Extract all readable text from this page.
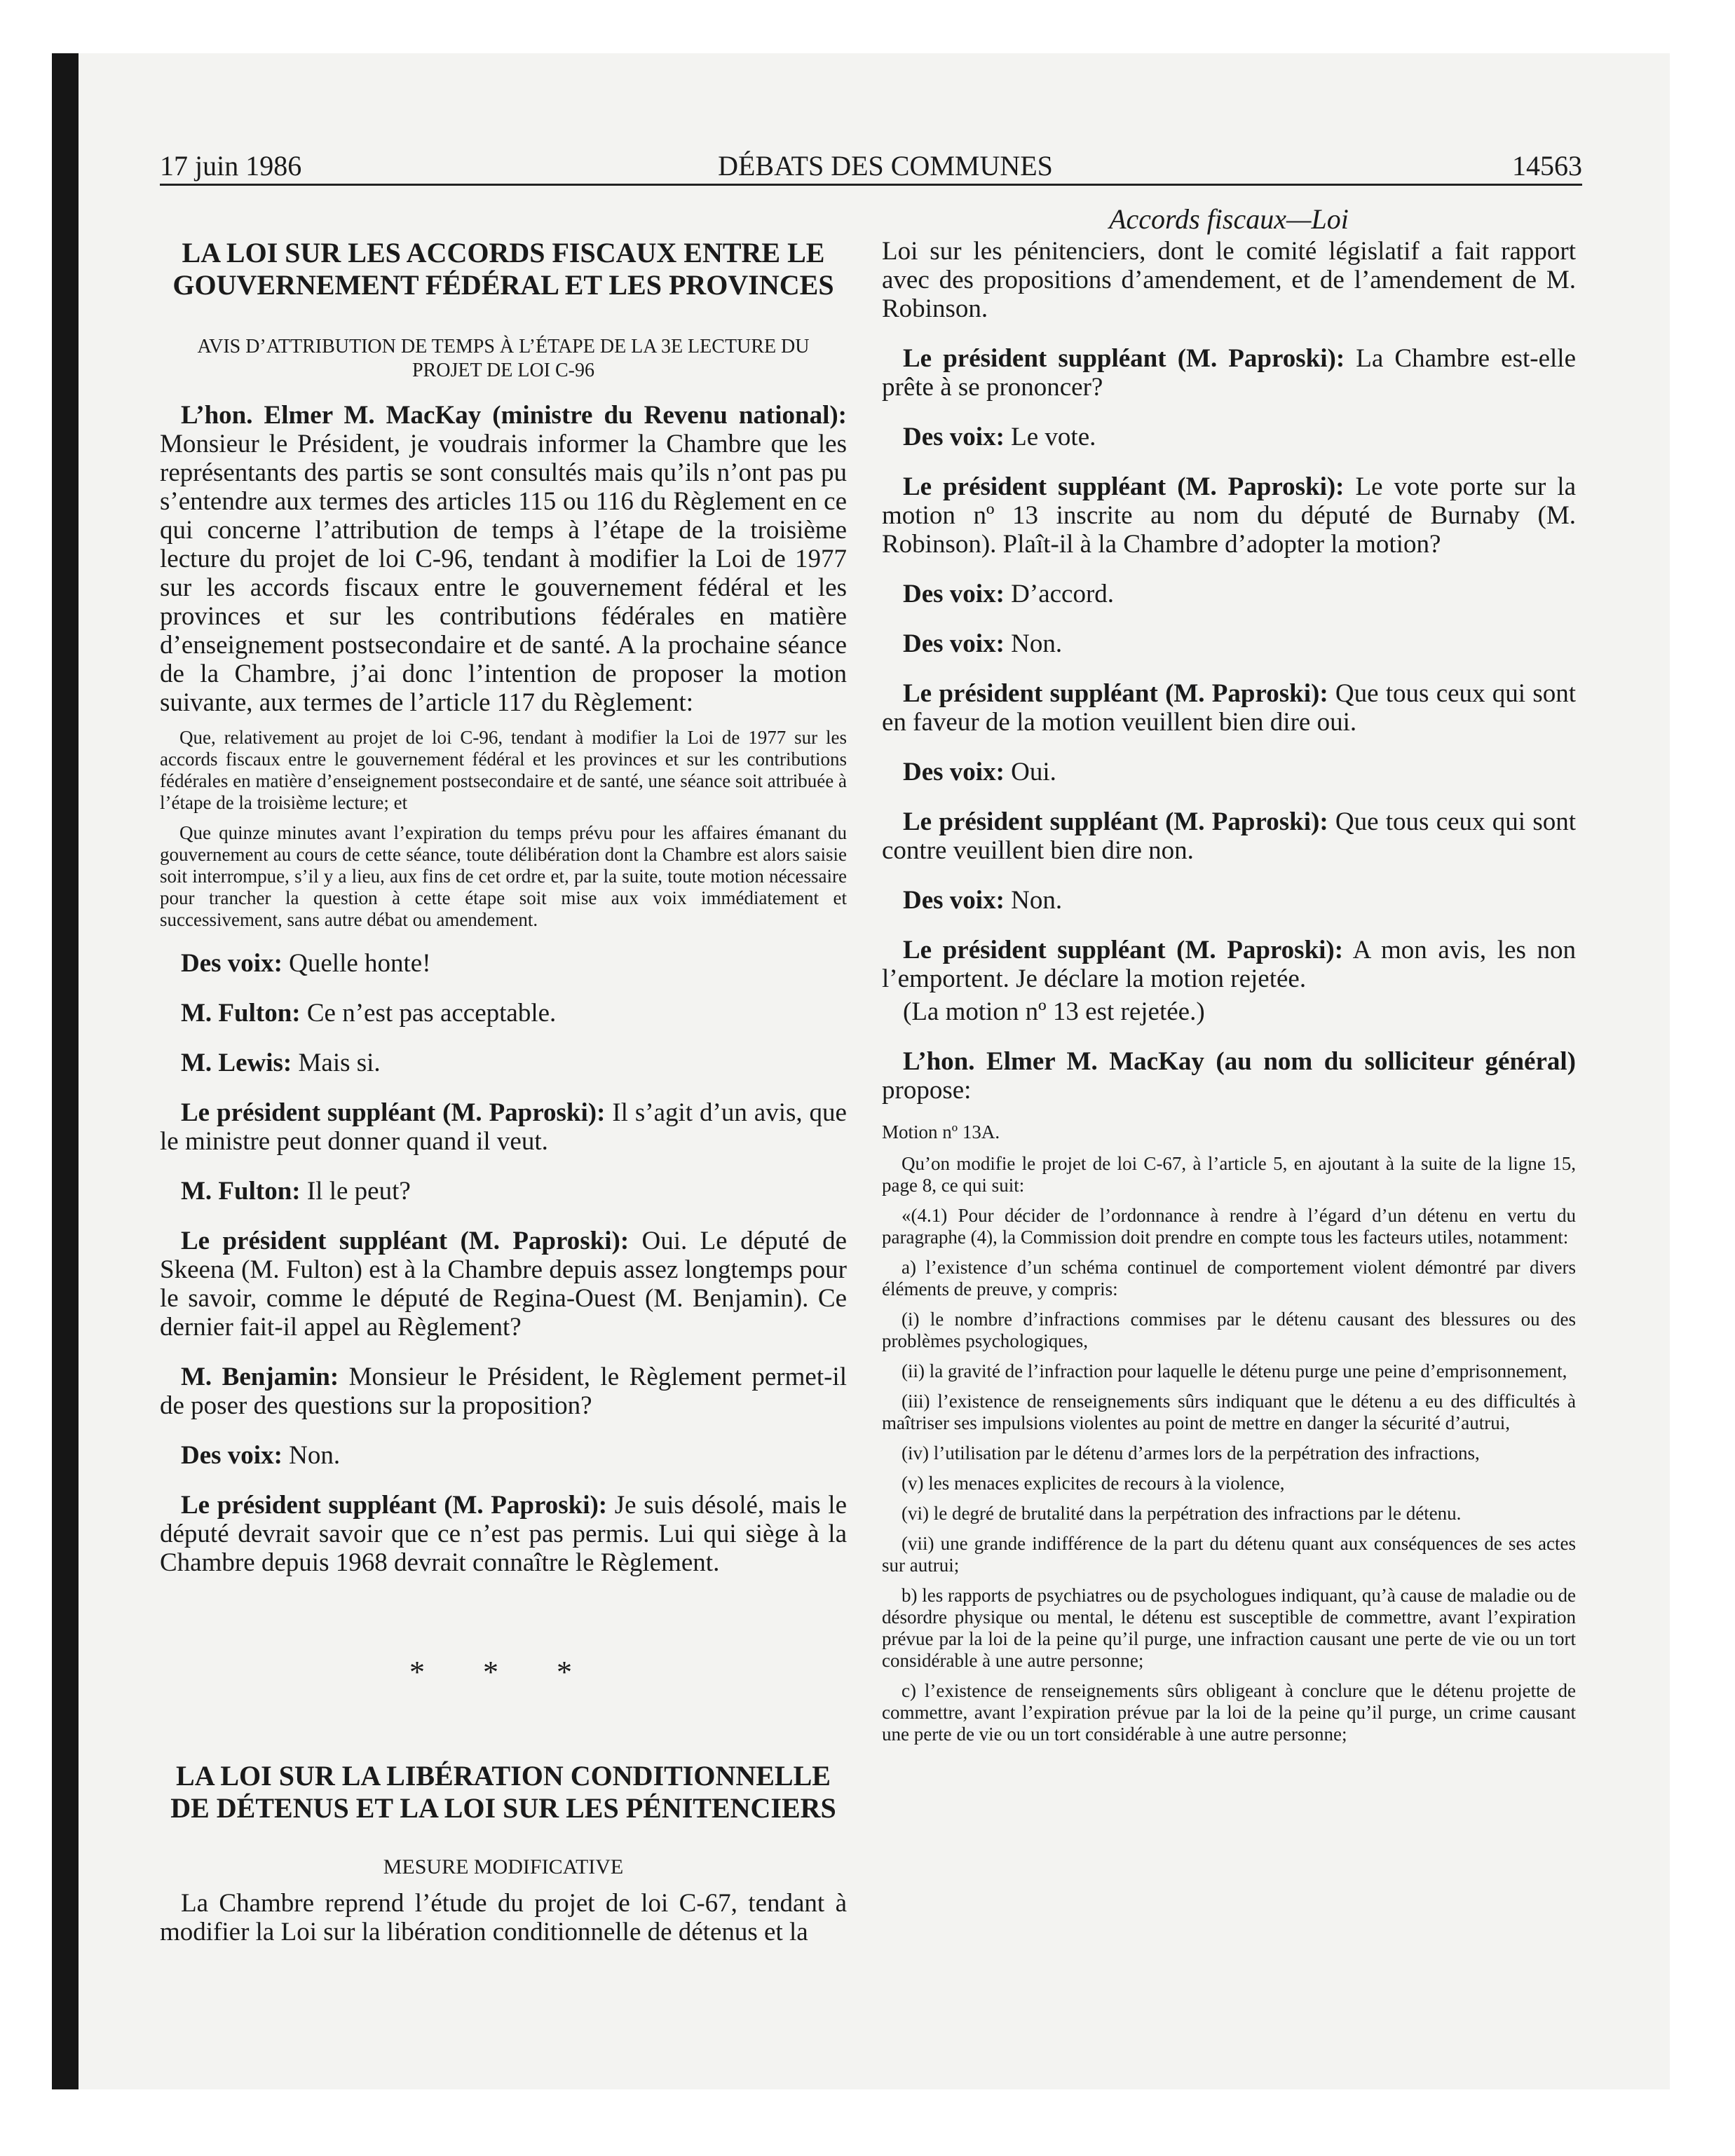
17 juin 1986	DÉBATS DES COMMUNES	14563
LA LOI SUR LES ACCORDS FISCAUX ENTRE LE GOUVERNEMENT FÉDÉRAL ET LES PROVINCES
AVIS D’ATTRIBUTION DE TEMPS À L’ÉTAPE DE LA 3E LECTURE DU PROJET DE LOI C-96
L’hon. Elmer M. MacKay (ministre du Revenu national): Monsieur le Président, je voudrais informer la Chambre que les représentants des partis se sont consultés mais qu’ils n’ont pas pu s’entendre aux termes des articles 115 ou 116 du Règlement en ce qui concerne l’attribution de temps à l’étape de la troisième lecture du projet de loi C-96, tendant à modifier la Loi de 1977 sur les accords fiscaux entre le gouvernement fédéral et les provinces et sur les contributions fédérales en matière d’enseignement postsecondaire et de santé. A la prochaine séance de la Chambre, j’ai donc l’intention de proposer la motion suivante, aux termes de l’article 117 du Règlement:
Que, relativement au projet de loi C-96, tendant à modifier la Loi de 1977 sur les accords fiscaux entre le gouvernement fédéral et les provinces et sur les contributions fédérales en matière d’enseignement postsecondaire et de santé, une séance soit attribuée à l’étape de la troisième lecture; et
Que quinze minutes avant l’expiration du temps prévu pour les affaires émanant du gouvernement au cours de cette séance, toute délibération dont la Chambre est alors saisie soit interrompue, s’il y a lieu, aux fins de cet ordre et, par la suite, toute motion nécessaire pour trancher la question à cette étape soit mise aux voix immédiatement et successivement, sans autre débat ou amendement.
Des voix: Quelle honte!
M. Fulton: Ce n’est pas acceptable.
M. Lewis: Mais si.
Le président suppléant (M. Paproski): Il s’agit d’un avis, que le ministre peut donner quand il veut.
M. Fulton: Il le peut?
Le président suppléant (M. Paproski): Oui. Le député de Skeena (M. Fulton) est à la Chambre depuis assez longtemps pour le savoir, comme le député de Regina-Ouest (M. Benjamin). Ce dernier fait-il appel au Règlement?
M. Benjamin: Monsieur le Président, le Règlement permet-il de poser des questions sur la proposition?
Des voix: Non.
Le président suppléant (M. Paproski): Je suis désolé, mais le député devrait savoir que ce n’est pas permis. Lui qui siège à la Chambre depuis 1968 devrait connaître le Règlement.
* * *
LA LOI SUR LA LIBÉRATION CONDITIONNELLE DE DÉTENUS ET LA LOI SUR LES PÉNITENCIERS
MESURE MODIFICATIVE
La Chambre reprend l’étude du projet de loi C-67, tendant à modifier la Loi sur la libération conditionnelle de détenus et la
Accords fiscaux—Loi
Loi sur les pénitenciers, dont le comité législatif a fait rapport avec des propositions d’amendement, et de l’amendement de M. Robinson.
Le président suppléant (M. Paproski): La Chambre est-elle prête à se prononcer?
Des voix: Le vote.
Le président suppléant (M. Paproski): Le vote porte sur la motion nº 13 inscrite au nom du député de Burnaby (M. Robinson). Plaît-il à la Chambre d’adopter la motion?
Des voix: D’accord.
Des voix: Non.
Le président suppléant (M. Paproski): Que tous ceux qui sont en faveur de la motion veuillent bien dire oui.
Des voix: Oui.
Le président suppléant (M. Paproski): Que tous ceux qui sont contre veuillent bien dire non.
Des voix: Non.
Le président suppléant (M. Paproski): A mon avis, les non l’emportent. Je déclare la motion rejetée.
(La motion nº 13 est rejetée.)
L’hon. Elmer M. MacKay (au nom du solliciteur général) propose:
Motion nº 13A.
Qu’on modifie le projet de loi C-67, à l’article 5, en ajoutant à la suite de la ligne 15, page 8, ce qui suit:
«(4.1) Pour décider de l’ordonnance à rendre à l’égard d’un détenu en vertu du paragraphe (4), la Commission doit prendre en compte tous les facteurs utiles, notamment:
a) l’existence d’un schéma continuel de comportement violent démontré par divers éléments de preuve, y compris:
(i) le nombre d’infractions commises par le détenu causant des blessures ou des problèmes psychologiques,
(ii) la gravité de l’infraction pour laquelle le détenu purge une peine d’emprisonnement,
(iii) l’existence de renseignements sûrs indiquant que le détenu a eu des difficultés à maîtriser ses impulsions violentes au point de mettre en danger la sécurité d’autrui,
(iv) l’utilisation par le détenu d’armes lors de la perpétration des infractions,
(v) les menaces explicites de recours à la violence,
(vi) le degré de brutalité dans la perpétration des infractions par le détenu.
(vii) une grande indifférence de la part du détenu quant aux conséquences de ses actes sur autrui;
b) les rapports de psychiatres ou de psychologues indiquant, qu’à cause de maladie ou de désordre physique ou mental, le détenu est susceptible de commettre, avant l’expiration prévue par la loi de la peine qu’il purge, une infraction causant une perte de vie ou un tort considérable à une autre personne;
c) l’existence de renseignements sûrs obligeant à conclure que le détenu projette de commettre, avant l’expiration prévue par la loi de la peine qu’il purge, un crime causant une perte de vie ou un tort considérable à une autre personne;
